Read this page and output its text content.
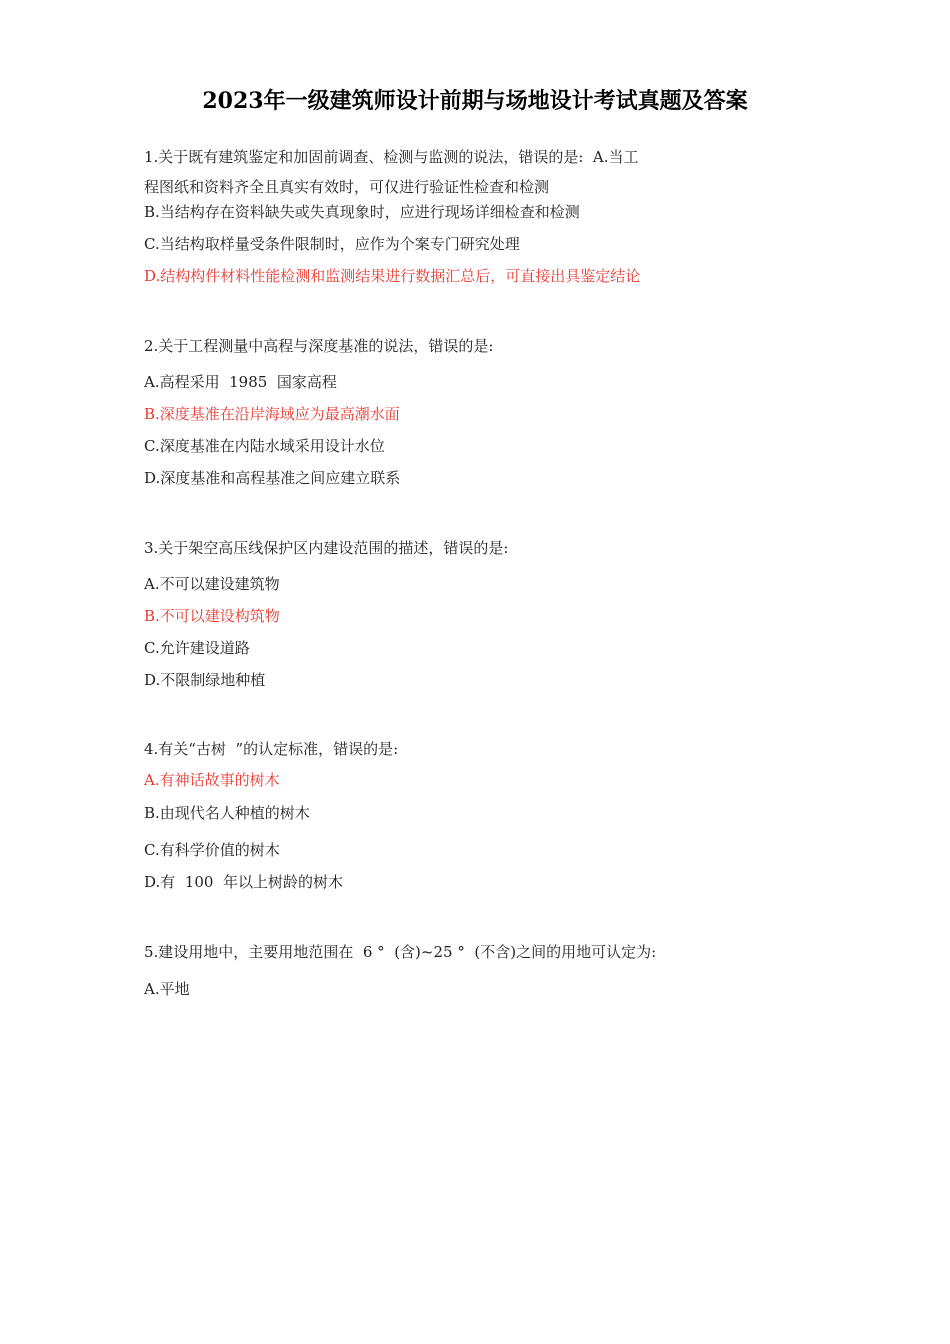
2023年一级建筑师设计前期与场地设计考试真题及答案

1.关于既有建筑鉴定和加固前调查、检测与监测的说法，错误的是:  A.当工

程图纸和资料齐全且真实有效时，可仅进行验证性检查和检测

B.当结构存在资料缺失或失真现象时，应进行现场详细检查和检测

C.当结构取样量受条件限制时，应作为个案专门研究处理

D.结构构件材料性能检测和监测结果进行数据汇总后，可直接出具鉴定结论

2.关于工程测量中高程与深度基准的说法，错误的是:

A.高程采用  1985  国家高程

B.深度基准在沿岸海域应为最高潮水面

C.深度基准在内陆水域采用设计水位

D.深度基准和高程基准之间应建立联系

3.关于架空高压线保护区内建设范围的描述，错误的是:

A.不可以建设建筑物

B.不可以建设构筑物

C.允许建设道路

D.不限制绿地种植

4.有关“古树  ”的认定标准，错误的是:

A.有神话故事的树木

B.由现代名人种植的树木

C.有科学价值的树木

D.有  100  年以上树龄的树木

5.建设用地中，主要用地范围在  6 °  (含)~25 °  (不含)之间的用地可认定为:

A.平地
